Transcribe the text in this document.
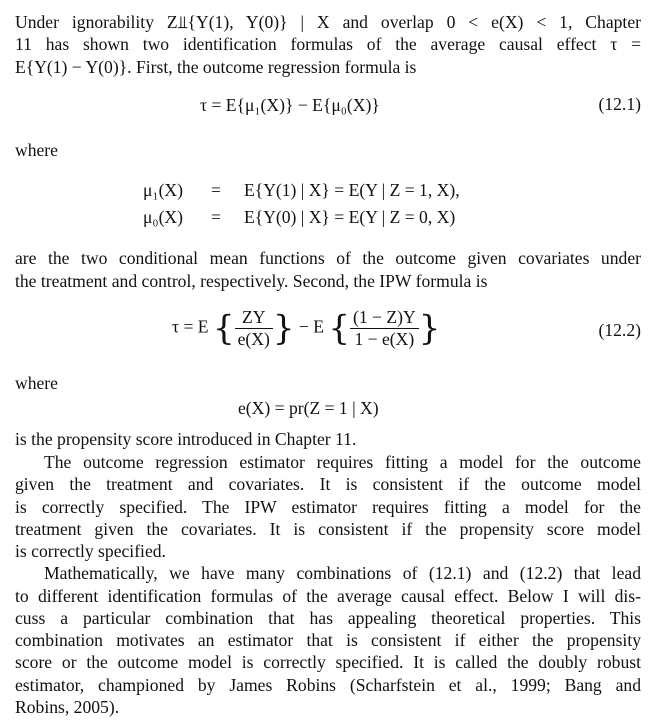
Under ignorability Z⫫{Y(1), Y(0)} | X and overlap 0 < e(X) < 1, Chapter
11 has shown two identification formulas of the average causal effect τ =
E{Y(1) − Y(0)}. First, the outcome regression formula is
τ = E{μ₁(X)} − E{μ₀(X)}	(12.1)
where
μ₁(X) = E{Y(1) | X} = E(Y | Z = 1, X),
μ₀(X) = E{Y(0) | X} = E(Y | Z = 0, X)
are the two conditional mean functions of the outcome given covariates under
the treatment and control, respectively. Second, the IPW formula is
τ = E { $\frac{ZY}{e(X)}$ } − E { $\frac{(1 - Z)Y}{1 - e(X)}$ }	(12.2)
where
e(X) = pr(Z = 1 | X)
is the propensity score introduced in Chapter 11.
The outcome regression estimator requires fitting a model for the outcome
given the treatment and covariates. It is consistent if the outcome model
is correctly specified. The IPW estimator requires fitting a model for the
treatment given the covariates. It is consistent if the propensity score model
is correctly specified.
Mathematically, we have many combinations of (12.1) and (12.2) that lead
to different identification formulas of the average causal effect. Below I will dis-
cuss a particular combination that has appealing theoretical properties. This
combination motivates an estimator that is consistent if either the propensity
score or the outcome model is correctly specified. It is called the doubly robust
estimator, championed by James Robins (Scharfstein et al., 1999; Bang and
Robins, 2005).
